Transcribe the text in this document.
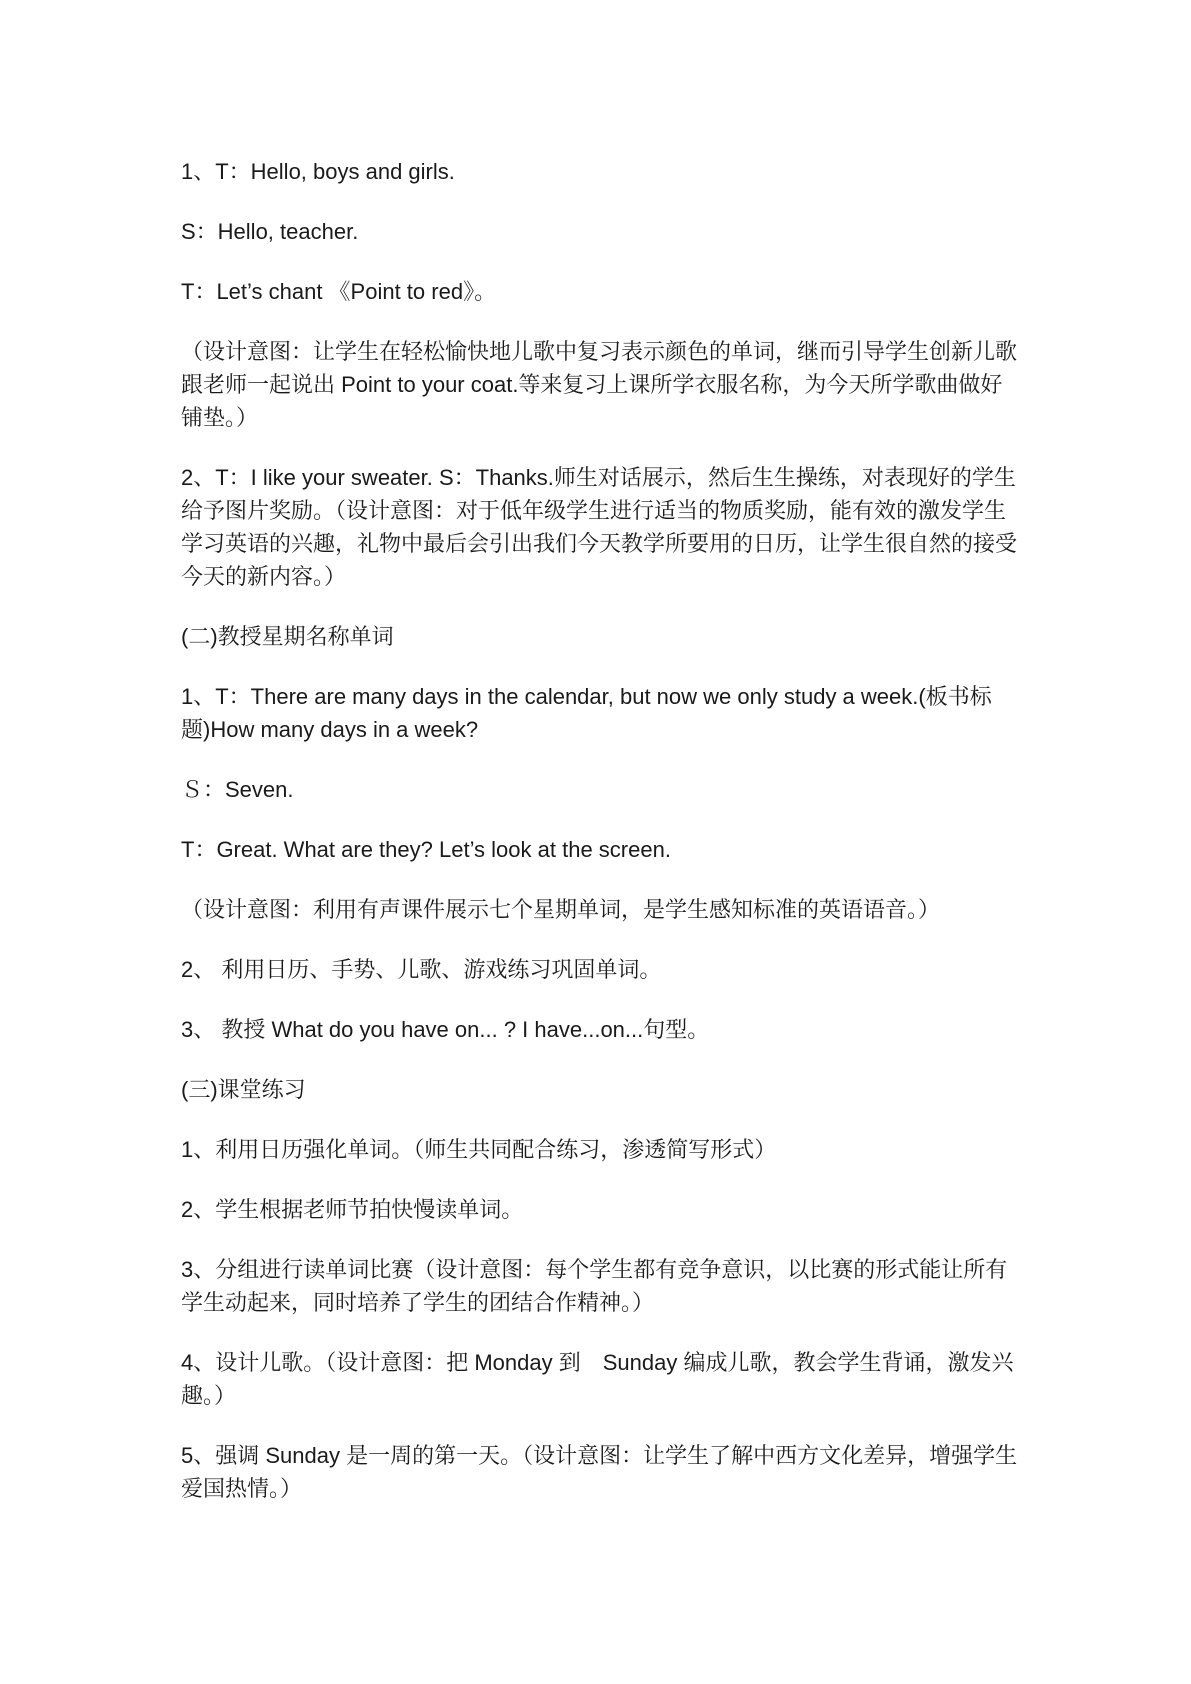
1、T：Hello, boys and girls.

S：Hello, teacher.

T：Let’s chant 《Point to red》。

（设计意图：让学生在轻松愉快地儿歌中复习表示颜色的单词，继而引导学生创新儿歌跟老师一起说出 Point to your coat.等来复习上课所学衣服名称，为今天所学歌曲做好铺垫。）

2、T：I like your sweater. S：Thanks.师生对话展示，然后生生操练，对表现好的学生给予图片奖励。（设计意图：对于低年级学生进行适当的物质奖励，能有效的激发学生学习英语的兴趣，礼物中最后会引出我们今天教学所要用的日历，让学生很自然的接受今天的新内容。）

(二)教授星期名称单词

1、T：There are many days in the calendar, but now we only study a week.(板书标题)How many days in a week?

Ｓ：Seven.

T：Great. What are they? Let’s look at the screen.

（设计意图：利用有声课件展示七个星期单词，是学生感知标准的英语语音。）

2、 利用日历、手势、儿歌、游戏练习巩固单词。

3、 教授 What do you have on... ? I have...on...句型。

(三)课堂练习

1、利用日历强化单词。（师生共同配合练习，渗透简写形式）

2、学生根据老师节拍快慢读单词。

3、分组进行读单词比赛（设计意图：每个学生都有竞争意识，以比赛的形式能让所有学生动起来，同时培养了学生的团结合作精神。）

4、设计儿歌。（设计意图：把 Monday 到　Sunday 编成儿歌，教会学生背诵，激发兴趣。）

5、强调 Sunday 是一周的第一天。（设计意图：让学生了解中西方文化差异，增强学生爱国热情。）
